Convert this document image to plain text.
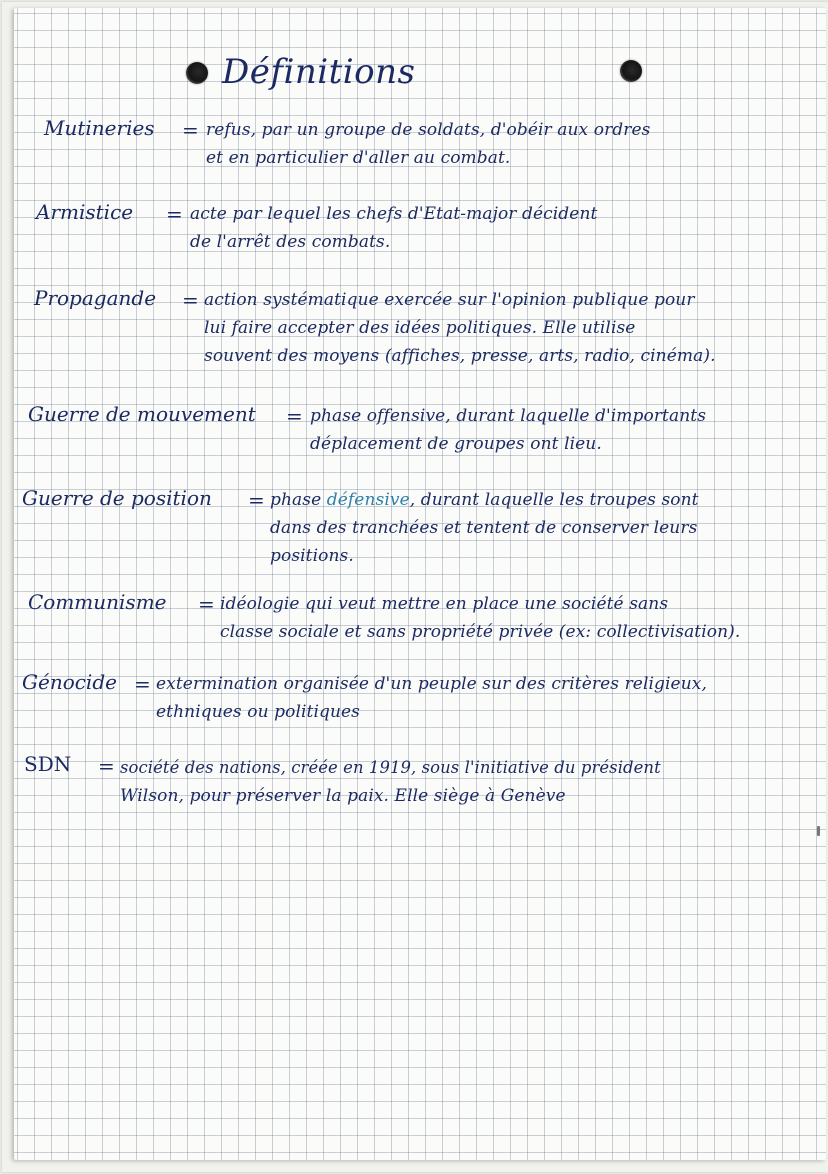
Définitions
Mutineries = refus, par un groupe de soldats, d'obéir aux ordres
et en particulier d'aller au combat.
Armistice = acte par lequel les chefs d'Etat-major décident
de l'arrêt des combats.
Propagande = action systématique exercée sur l'opinion publique pour
lui faire accepter des idées politiques. Elle utilise
souvent des moyens (affiches, presse, arts, radio, cinéma).
Guerre de mouvement = phase offensive, durant laquelle d'importants
déplacement de groupes ont lieu.
Guerre de position = phase défensive, durant laquelle les troupes sont
dans des tranchées et tentent de conserver leurs
positions.
Communisme = idéologie qui veut mettre en place une société sans
classe sociale et sans propriété privée (ex: collectivisation).
Génocide = extermination organisée d'un peuple sur des critères religieux,
ethniques ou politiques
SDN = société des nations, créée en 1919, sous l'initiative du président
Wilson, pour préserver la paix. Elle siège à Genève
